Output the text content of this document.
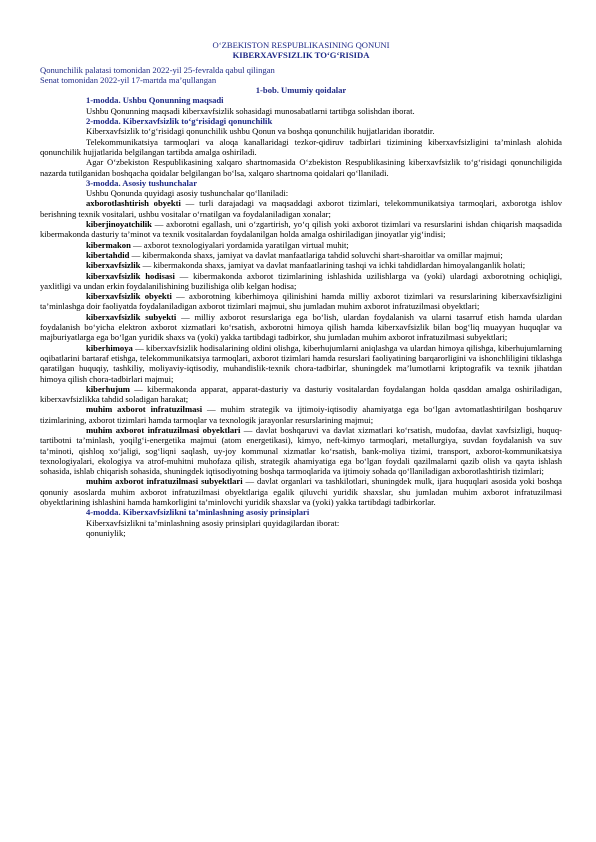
O‘ZBEKISTON RESPUBLIKASINING QONUNI

KIBERXAVFSIZLIK TO‘G‘RISIDA

Qonunchilik palatasi tomonidan 2022-yil 25-fevralda qabul qilingan

Senat tomonidan 2022-yil 17-martda ma’qullangan

1-bob. Umumiy qoidalar

1-modda. Ushbu Qonunning maqsadi

Ushbu Qonunning maqsadi kiberxavfsizlik sohasidagi munosabatlarni tartibga solishdan iborat.

2-modda. Kiberxavfsizlik to‘g‘risidagi qonunchilik

Kiberxavfsizlik to‘g‘risidagi qonunchilik ushbu Qonun va boshqa qonunchilik hujjatlaridan iboratdir.

Telekommunikatsiya tarmoqlari va aloqa kanallaridagi tezkor-qidiruv tadbirlari tizimining kiberxavfsizligini ta’minlash alohida qonunchilik hujjatlarida belgilangan tartibda amalga oshiriladi.

Agar O‘zbekiston Respublikasining xalqaro shartnomasida O‘zbekiston Respublikasining kiberxavfsizlik to‘g‘risidagi qonunchiligida nazarda tutilganidan boshqacha qoidalar belgilangan bo‘lsa, xalqaro shartnoma qoidalari qo‘llaniladi.

3-modda. Asosiy tushunchalar

Ushbu Qonunda quyidagi asosiy tushunchalar qo‘llaniladi:

axborotlashtirish obyekti — turli darajadagi va maqsaddagi axborot tizimlari, telekommunikatsiya tarmoqlari, axborotga ishlov berishning texnik vositalari, ushbu vositalar o‘rnatilgan va foydalaniladigan xonalar;

kiberjinoyatchilik — axborotni egallash, uni o‘zgartirish, yo‘q qilish yoki axborot tizimlari va resurslarini ishdan chiqarish maqsadida kibermakonda dasturiy ta’minot va texnik vositalardan foydalanilgan holda amalga oshiriladigan jinoyatlar yig‘indisi;

kibermakon — axborot texnologiyalari yordamida yaratilgan virtual muhit;

kibertahdid — kibermakonda shaxs, jamiyat va davlat manfaatlariga tahdid soluvchi shart-sharoitlar va omillar majmui;

kiberxavfsizlik — kibermakonda shaxs, jamiyat va davlat manfaatlarining tashqi va ichki tahdidlardan himoyalanganlik holati;

kiberxavfsizlik hodisasi — kibermakonda axborot tizimlarining ishlashida uzilishlarga va (yoki) ulardagi axborotning ochiqligi, yaxlitligi va undan erkin foydalanilishining buzilishiga olib kelgan hodisa;

kiberxavfsizlik obyekti — axborotning kiberhimoya qilinishini hamda milliy axborot tizimlari va resurslarining kiberxavfsizligini ta’minlashga doir faoliyatda foydalaniladigan axborot tizimlari majmui, shu jumladan muhim axborot infratuzilmasi obyektlari;

kiberxavfsizlik subyekti — milliy axborot resurslariga ega bo‘lish, ulardan foydalanish va ularni tasarruf etish hamda ulardan foydalanish bo‘yicha elektron axborot xizmatlari ko‘rsatish, axborotni himoya qilish hamda kiberxavfsizlik bilan bog‘liq muayyan huquqlar va majburiyatlarga ega bo‘lgan yuridik shaxs va (yoki) yakka tartibdagi tadbirkor, shu jumladan muhim axborot infratuzilmasi subyektlari;

kiberhimoya — kiberxavfsizlik hodisalarining oldini olishga, kiberhujumlarni aniqlashga va ulardan himoya qilishga, kiberhujumlarning oqibatlarini bartaraf etishga, telekommunikatsiya tarmoqlari, axborot tizimlari hamda resurslari faoliyatining barqarorligini va ishonchliligini tiklashga qaratilgan huquqiy, tashkiliy, moliyaviy-iqtisodiy, muhandislik-texnik chora-tadbirlar, shuningdek ma’lumotlarni kriptografik va texnik jihatdan himoya qilish chora-tadbirlari majmui;

kiberhujum — kibermakonda apparat, apparat-dasturiy va dasturiy vositalardan foydalangan holda qasddan amalga oshiriladigan, kiberxavfsizlikka tahdid soladigan harakat;

muhim axborot infratuzilmasi — muhim strategik va ijtimoiy-iqtisodiy ahamiyatga ega bo‘lgan avtomatlashtirilgan boshqaruv tizimlarining, axborot tizimlari hamda tarmoqlar va texnologik jarayonlar resurslarining majmui;

muhim axborot infratuzilmasi obyektlari — davlat boshqaruvi va davlat xizmatlari ko‘rsatish, mudofaa, davlat xavfsizligi, huquq-tartibotni ta’minlash, yoqilg‘i-energetika majmui (atom energetikasi), kimyo, neft-kimyo tarmoqlari, metallurgiya, suvdan foydalanish va suv ta’minoti, qishloq xo‘jaligi, sog‘liqni saqlash, uy-joy kommunal xizmatlar ko‘rsatish, bank-moliya tizimi, transport, axborot-kommunikatsiya texnologiyalari, ekologiya va atrof-muhitni muhofaza qilish, strategik ahamiyatiga ega bo‘lgan foydali qazilmalarni qazib olish va qayta ishlash sohasida, ishlab chiqarish sohasida, shuningdek iqtisodiyotning boshqa tarmoqlarida va ijtimoiy sohada qo‘llaniladigan axborotlashtirish tizimlari;

muhim axborot infratuzilmasi subyektlari — davlat organlari va tashkilotlari, shuningdek mulk, ijara huquqlari asosida yoki boshqa qonuniy asoslarda muhim axborot infratuzilmasi obyektlariga egalik qiluvchi yuridik shaxslar, shu jumladan muhim axborot infratuzilmasi obyektlarining ishlashini hamda hamkorligini ta’minlovchi yuridik shaxslar va (yoki) yakka tartibdagi tadbirkorlar.

4-modda. Kiberxavfsizlikni ta’minlashning asosiy prinsiplari

Kiberxavfsizlikni ta’minlashning asosiy prinsiplari quyidagilardan iborat:

qonuniylik;
